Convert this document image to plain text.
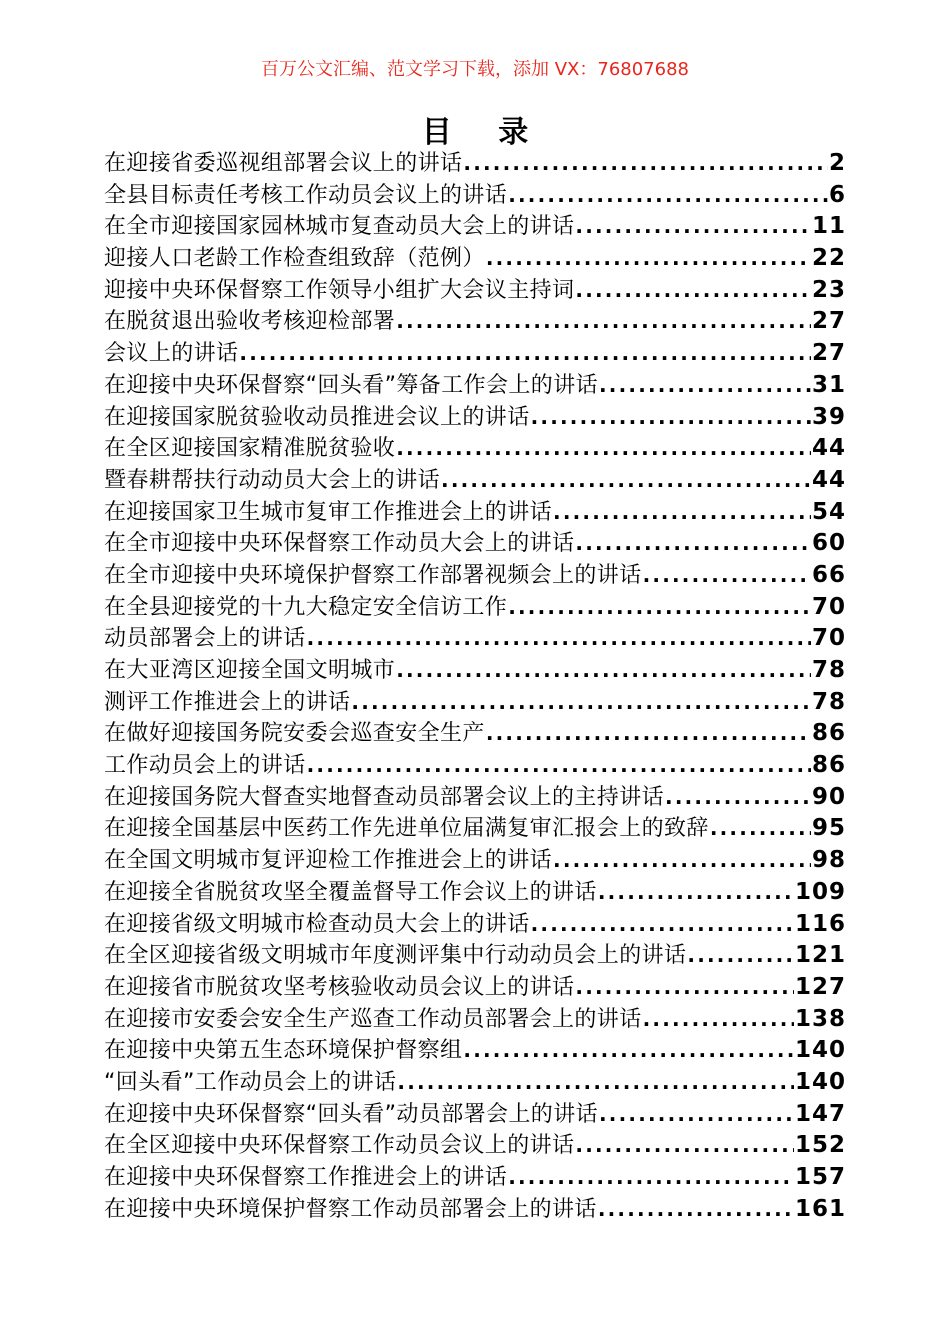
百万公文汇编、范文学习下载，添加 VX：76807688
目 录
在迎接省委巡视组部署会议上的讲话 .....	2
全县目标责任考核工作动员会议上的讲话 .....	6
在全市迎接国家园林城市复查动员大会上的讲话 .....	11
迎接人口老龄工作检查组致辞（范例） .....	22
迎接中央环保督察工作领导小组扩大会议主持词 .....	23
在脱贫退出验收考核迎检部署 .....	27
会议上的讲话 .....	27
在迎接中央环保督察“回头看”筹备工作会上的讲话 .....	31
在迎接国家脱贫验收动员推进会议上的讲话 .....	39
在全区迎接国家精准脱贫验收 .....	44
暨春耕帮扶行动动员大会上的讲话 .....	44
在迎接国家卫生城市复审工作推进会上的讲话 .....	54
在全市迎接中央环保督察工作动员大会上的讲话 .....	60
在全市迎接中央环境保护督察工作部署视频会上的讲话 .....	66
在全县迎接党的十九大稳定安全信访工作 .....	70
动员部署会上的讲话 .....	70
在大亚湾区迎接全国文明城市 .....	78
测评工作推进会上的讲话 .....	78
在做好迎接国务院安委会巡查安全生产 .....	86
工作动员会上的讲话 .....	86
在迎接国务院大督查实地督查动员部署会议上的主持讲话 .....	90
在迎接全国基层中医药工作先进单位届满复审汇报会上的致辞 .....	95
在全国文明城市复评迎检工作推进会上的讲话 .....	98
在迎接全省脱贫攻坚全覆盖督导工作会议上的讲话 .....	109
在迎接省级文明城市检查动员大会上的讲话 .....	116
在全区迎接省级文明城市年度测评集中行动动员会上的讲话 .....	121
在迎接省市脱贫攻坚考核验收动员会议上的讲话 .....	127
在迎接市安委会安全生产巡查工作动员部署会上的讲话 .....	138
在迎接中央第五生态环境保护督察组 .....	140
“回头看”工作动员会上的讲话 .....	140
在迎接中央环保督察“回头看”动员部署会上的讲话 .....	147
在全区迎接中央环保督察工作动员会议上的讲话 .....	152
在迎接中央环保督察工作推进会上的讲话 .....	157
在迎接中央环境保护督察工作动员部署会上的讲话 .....	161
